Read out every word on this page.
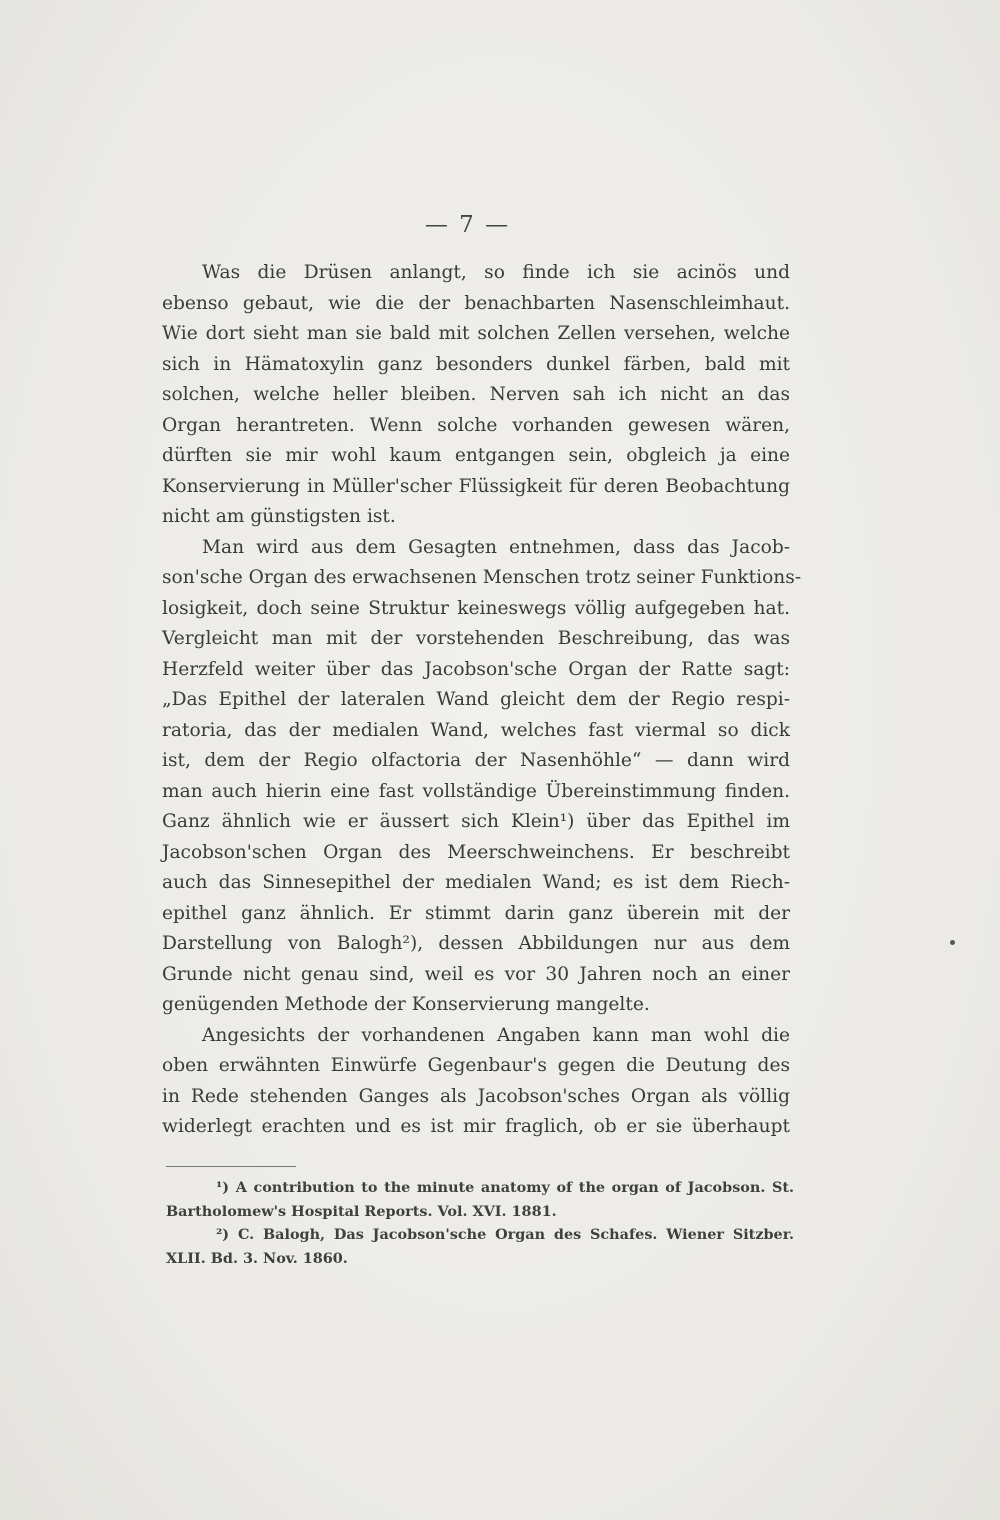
— 7 —
Was die Drüsen anlangt, so finde ich sie acinös und
ebenso gebaut, wie die der benachbarten Nasenschleimhaut.
Wie dort sieht man sie bald mit solchen Zellen versehen, welche
sich in Hämatoxylin ganz besonders dunkel färben, bald mit
solchen, welche heller bleiben. Nerven sah ich nicht an das
Organ herantreten. Wenn solche vorhanden gewesen wären,
dürften sie mir wohl kaum entgangen sein, obgleich ja eine
Konservierung in Müller'scher Flüssigkeit für deren Beobachtung
nicht am günstigsten ist.
Man wird aus dem Gesagten entnehmen, dass das Jacob-
son'sche Organ des erwachsenen Menschen trotz seiner Funktions-
losigkeit, doch seine Struktur keineswegs völlig aufgegeben hat.
Vergleicht man mit der vorstehenden Beschreibung, das was
Herzfeld weiter über das Jacobson'sche Organ der Ratte sagt:
„Das Epithel der lateralen Wand gleicht dem der Regio respi-
ratoria, das der medialen Wand, welches fast viermal so dick
ist, dem der Regio olfactoria der Nasenhöhle“ — dann wird
man auch hierin eine fast vollständige Übereinstimmung finden.
Ganz ähnlich wie er äussert sich Klein¹) über das Epithel im
Jacobson'schen Organ des Meerschweinchens. Er beschreibt
auch das Sinnesepithel der medialen Wand; es ist dem Riech-
epithel ganz ähnlich. Er stimmt darin ganz überein mit der
Darstellung von Balogh²), dessen Abbildungen nur aus dem
Grunde nicht genau sind, weil es vor 30 Jahren noch an einer
genügenden Methode der Konservierung mangelte.
Angesichts der vorhandenen Angaben kann man wohl die
oben erwähnten Einwürfe Gegenbaur's gegen die Deutung des
in Rede stehenden Ganges als Jacobson'sches Organ als völlig
widerlegt erachten und es ist mir fraglich, ob er sie überhaupt
¹) A contribution to the minute anatomy of the organ of Jacobson. St.
Bartholomew's Hospital Reports. Vol. XVI. 1881.
²) C. Balogh, Das Jacobson'sche Organ des Schafes. Wiener Sitzber.
XLII. Bd. 3. Nov. 1860.
